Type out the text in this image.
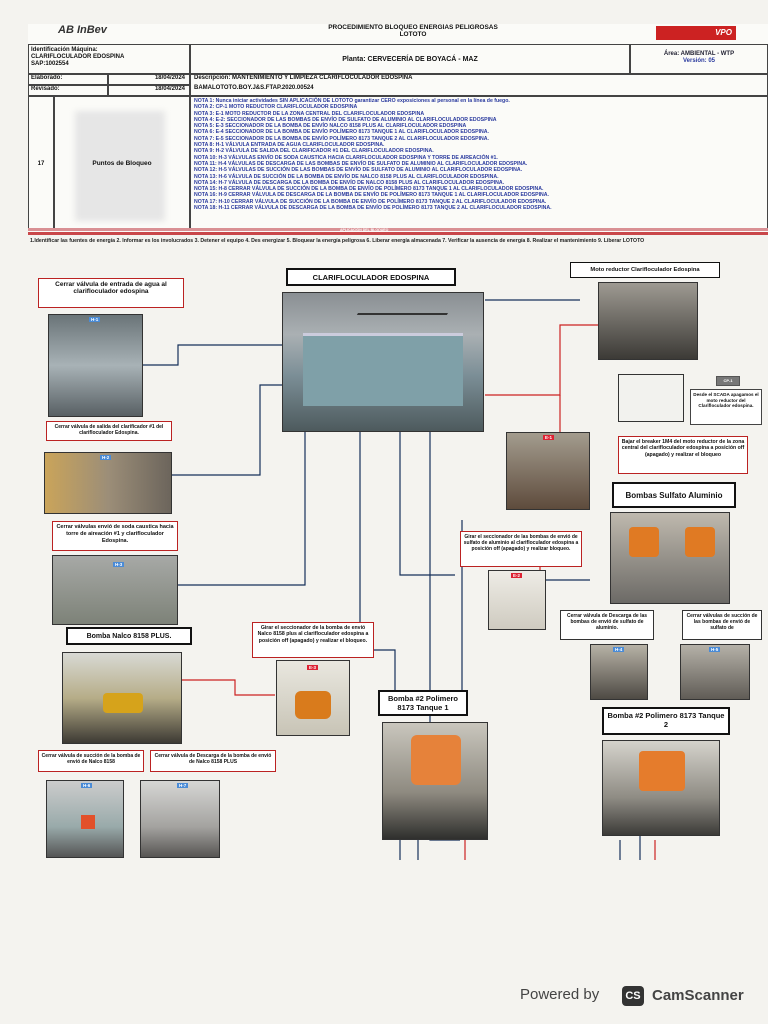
AB InBev	PROCEDIMIENTO BLOQUEO ENERGÍAS PELIGROSAS
LOTOTO	VPO
Identificación Máquina:
CLARIFLOCULADOR EDOSPINA
SAP:1002554
Planta: CERVECERÍA DE BOYACÁ - MAZ
Área: AMBIENTAL - WTP
Versión: 05
Elaborado:	18/04/2024
Revisado:	18/04/2024
Descripción: MANTENIMIENTO Y LIMPIEZA CLARIFLOCULADOR EDOSPINA
BAMALOTOTO.BOY.J&S.FTAP.2020.00524
17	Puntos de Bloqueo
NOTA 1: Nunca iniciar actividades SIN APLICACIÓN DE LOTOTO garantizar CERO exposiciones al personal en la línea de fuego.
NOTA 2: CP-1 MOTO REDUCTOR CLARIFLOCULADOR EDOSPINA
NOTA 3: E-1 MOTO REDUCTOR DE LA ZONA CENTRAL DEL CLARIFLOCULADOR EDOSPINA
NOTA 4: E-2: SECCIONADOR DE LAS BOMBAS DE ENVÍO DE SULFATO DE ALUMINIO AL CLARIFLOCULADOR EDOSPINA
NOTA 5: E-3 SECCIONADOR DE LA BOMBA DE ENVÍO NALCO 8158 PLUS AL CLARIFLOCULADOR EDOSPINA
NOTA 6: E-4 SECCIONADOR DE LA BOMBA DE ENVÍO POLÍMERO 8173 TANQUE 1 AL CLARIFLOCULADOR EDOSPINA.
NOTA 7: E-5 SECCIONADOR DE LA BOMBA DE ENVÍO POLÍMERO 8173 TANQUE 2 AL CLARIFLOCULADOR EDOSPINA.
NOTA 8: H-1 VÁLVULA ENTRADA DE AGUA CLARIFLOCULADOR EDOSPINA.
NOTA 9: H-2 VÁLVULA DE SALIDA DEL CLARIFICADOR #1 DEL CLARIFLOCULADOR EDOSPINA.
NOTA 10: H-3 VÁLVULAS ENVÍO DE SODA CAUSTICA HACIA CLARIFLOCULADOR EDOSPINA Y TORRE DE AIREACIÓN #1.
NOTA 11: H-4 VÁLVULAS DE DESCARGA DE LAS BOMBAS DE ENVÍO DE SULFATO DE ALUMINIO AL CLARIFLOCULADOR EDOSPINA.
NOTA 12: H-5 VÁLVULAS DE SUCCIÓN DE LAS BOMBAS DE ENVÍO DE SULFATO DE ALUMINIO AL CLARIFLOCULADOR EDOSPINA.
NOTA 13: H-6 VÁLVULA DE SUCCIÓN DE LA BOMBA DE ENVÍO DE NALCO 8158 PLUS AL CLARIFLOCULADOR EDOSPINA.
NOTA 14: H-7 VÁLVULA DE DESCARGA DE LA BOMBA DE ENVÍO DE NALCO 8158 PLUS AL CLARIFLOCULADOR EDOSPINA.
NOTA 15: H-8 CERRAR VÁLVULA DE SUCCIÓN DE LA BOMBA DE ENVÍO DE POLÍMERO 8173 TANQUE 1 AL CLARIFLOCULADOR EDOSPINA.
NOTA 16: H-9 CERRAR VÁLVULA DE DESCARGA DE LA BOMBA DE ENVÍO DE POLÍMERO 8173 TANQUE 1 AL CLARIFLOCULADOR EDOSPINA.
NOTA 17: H-10 CERRAR VÁLVULA DE SUCCIÓN DE LA BOMBA DE ENVÍO DE POLÍMERO 8173 TANQUE 2 AL CLARIFLOCULADOR EDOSPINA.
NOTA 18: H-11 CERRAR VÁLVULA DE DESCARGA DE LA BOMBA DE ENVÍO DE POLÍMERO 8173 TANQUE 2 AL CLARIFLOCULADOR EDOSPINA.
APLICACIÓN DEL BLOQUEO
1.Identificar las fuentes de energía 2. Informar es los involucrados 3. Detener el equipo 4. Des energizar 5. Bloquear la energía peligrosa 6. Liberar energía almacenada 7. Verificar la ausencia de energía 8. Realizar el mantenimiento 9. Liberar LOTOTO
CLARIFLOCULADOR EDOSPINA
Cerrar válvula de entrada de agua al clarifloculador edospina
H-1
Cerrar válvula de salida del clarificador #1 del clarifloculador Edospina.
H-2
Cerrar válvulas envió de soda caustica hacia torre de aireación #1 y clarifloculador Edospina.
H-3
Bomba Nalco 8158 PLUS.
Cerrar válvula de succión de la bomba de envió de Nalco 8158
Cerrar válvula de Descarga de la bomba de envió de Nalco 8158 PLUS
H-6	H-7
Girar el seccionador de la bomba de envió Nalco 8158 plus al clarifloculador edospina a posición off (apagado) y realizar el bloqueo.
E-3
Bomba #2 Polimero 8173 Tanque 1
Moto reductor Clarifloculador Edospina
CP-1
Desde el SCADA apagamos el moto reductor del Clarifloculador edospina.
E-1
Bajar el breaker 1M4 del moto reductor de la zona central del clarifloculador edospina a posición off (apagado) y realizar el bloqueo
Bombas Sulfato Aluminio
Girar el seccionador de las bombas de envió de sulfato de aluminio al clarifloculador edospina a posición off (apagado) y realizar bloqueo.
E-2
Cerrar válvula de Descarga de las bombas de envió de sulfato de aluminio.
Cerrar válvulas de succión de las bombas de envió de sulfato de
H-4	H-5
Bomba #2 Polimero 8173 Tanque 2
Powered by	CS CamScanner
